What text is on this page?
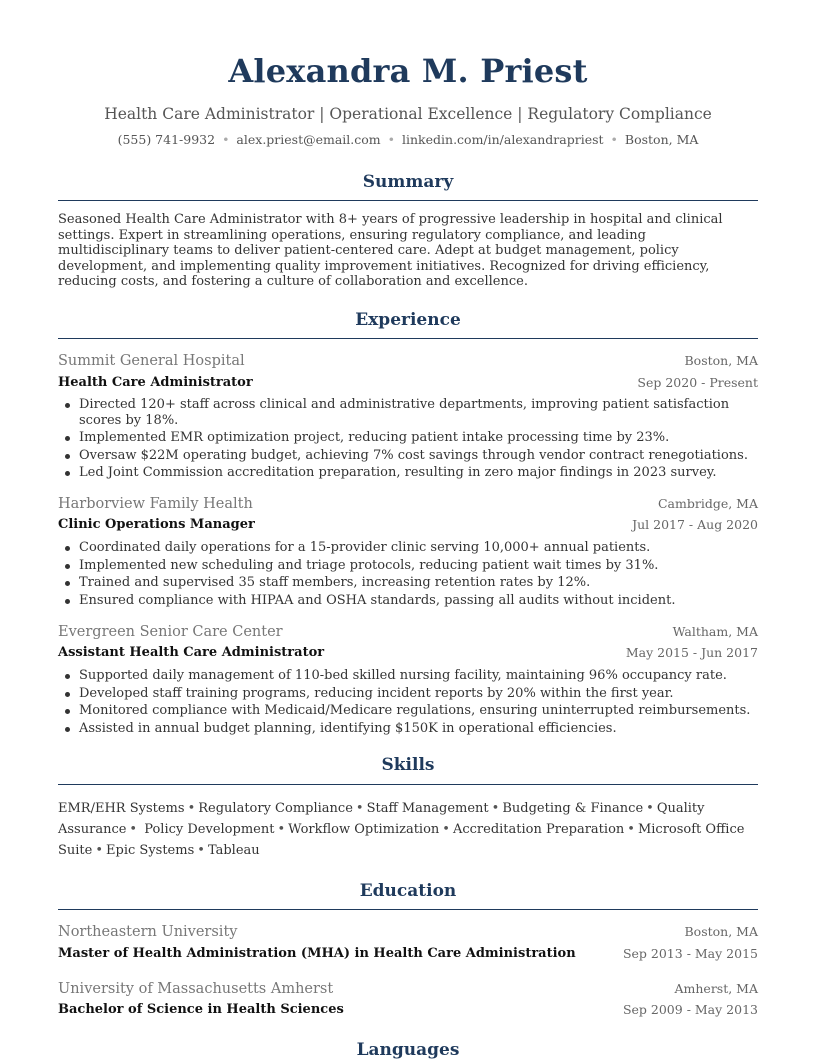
Alexandra M. Priest
Health Care Administrator | Operational Excellence | Regulatory Compliance
(555) 741-9932 • alex.priest@email.com • linkedin.com/in/alexandrapriest • Boston, MA
Summary
Seasoned Health Care Administrator with 8+ years of progressive leadership in hospital and clinical settings. Expert in streamlining operations, ensuring regulatory compliance, and leading multidisciplinary teams to deliver patient-centered care. Adept at budget management, policy development, and implementing quality improvement initiatives. Recognized for driving efficiency, reducing costs, and fostering a culture of collaboration and excellence.
Experience
Summit General Hospital	Boston, MA
Health Care Administrator	Sep 2020 - Present
Directed 120+ staff across clinical and administrative departments, improving patient satisfaction scores by 18%.
Implemented EMR optimization project, reducing patient intake processing time by 23%.
Oversaw $22M operating budget, achieving 7% cost savings through vendor contract renegotiations.
Led Joint Commission accreditation preparation, resulting in zero major findings in 2023 survey.
Harborview Family Health	Cambridge, MA
Clinic Operations Manager	Jul 2017 - Aug 2020
Coordinated daily operations for a 15-provider clinic serving 10,000+ annual patients.
Implemented new scheduling and triage protocols, reducing patient wait times by 31%.
Trained and supervised 35 staff members, increasing retention rates by 12%.
Ensured compliance with HIPAA and OSHA standards, passing all audits without incident.
Evergreen Senior Care Center	Waltham, MA
Assistant Health Care Administrator	May 2015 - Jun 2017
Supported daily management of 110-bed skilled nursing facility, maintaining 96% occupancy rate.
Developed staff training programs, reducing incident reports by 20% within the first year.
Monitored compliance with Medicaid/Medicare regulations, ensuring uninterrupted reimbursements.
Assisted in annual budget planning, identifying $150K in operational efficiencies.
Skills
EMR/EHR Systems • Regulatory Compliance • Staff Management • Budgeting & Finance • Quality Assurance • Policy Development • Workflow Optimization • Accreditation Preparation • Microsoft Office Suite • Epic Systems • Tableau
Education
Northeastern University	Boston, MA
Master of Health Administration (MHA) in Health Care Administration	Sep 2013 - May 2015
University of Massachusetts Amherst	Amherst, MA
Bachelor of Science in Health Sciences	Sep 2009 - May 2013
Languages
